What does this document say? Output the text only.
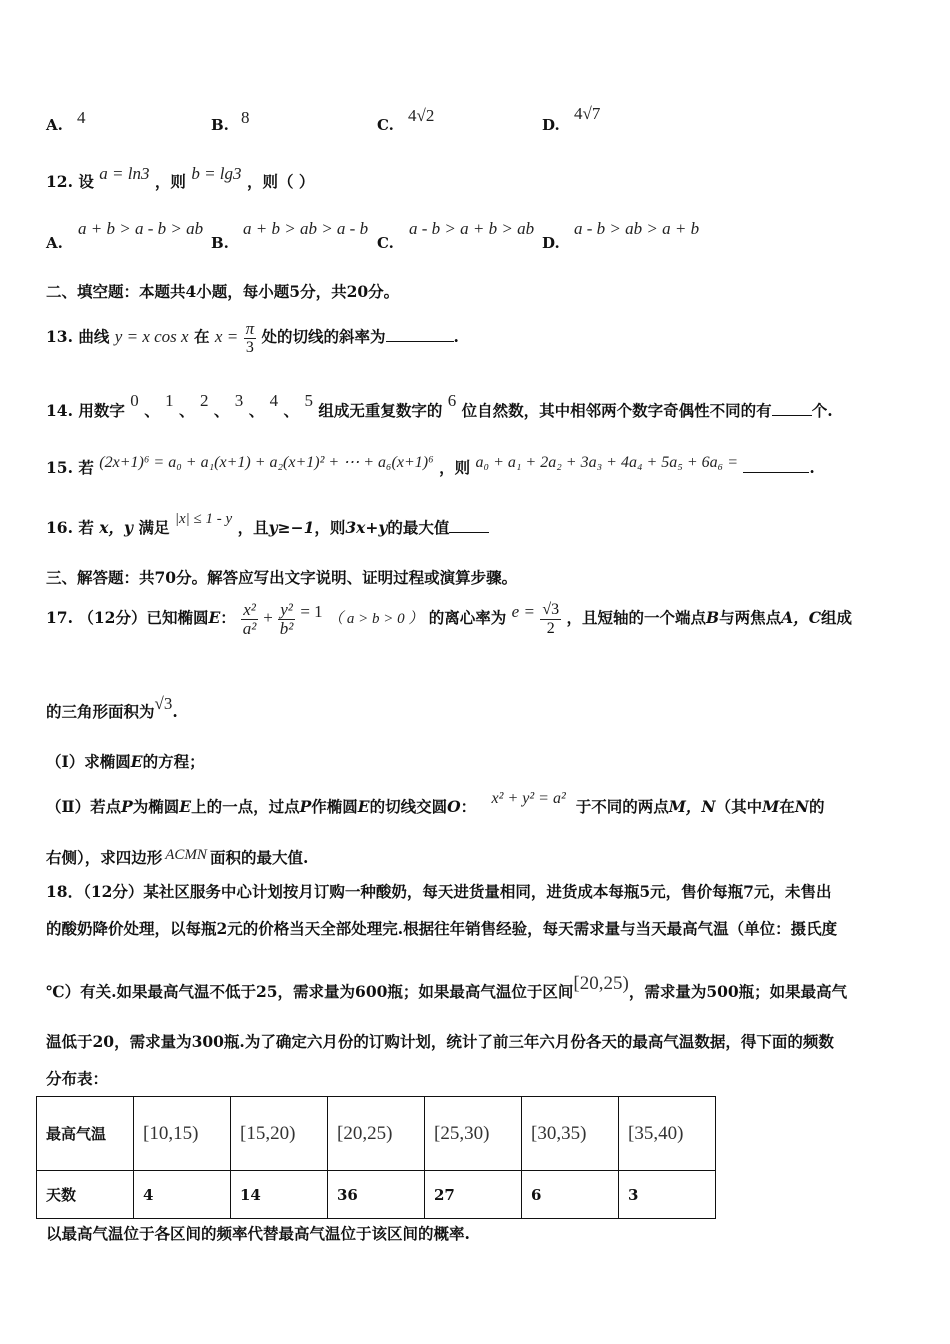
A. 4	B. 8	C. 4√2	D.
4√7
12. 设 a = ln3 ，则 b = lg3 ，则（ ）
A.
a + b > a - b > ab
B.
a + b > ab > a - b
C.
a - b > a + b > ab
D.
a - b > ab > a + b
二、填空题：本题共4小题，每小题5分，共20分。
13. 曲线 y = x cos x 在 $x = \frac{\pi}{3}$ 处的切线的斜率为	.
14. 用数字 0 、 1 、 2 、 3 、 4 、 5 组成无重复数字的 6 位自然数，其中相邻两个数字奇偶性不同的有	个.
15. 若 (2x+1)⁶ = a₀ + a₁(x+1) + a₂(x+1)² + ⋯ + a₆(x+1)⁶ ，则 a₀ + a₁ + 2a₂ + 3a₃ + 4a₄ + 5a₅ + 6a₆ =	.
16. 若 x，y 满足 |x| ≤ 1 - y ，且y≥−1，则3x+y的最大值
三、解答题：共70分。解答应写出文字说明、证明过程或演算步骤。
17. （12分）已知椭圆E： $\frac{\text{x²}}{\text{a²}} + \frac{\text{y²}}{\text{b²}} = 1$ （ a > b > 0 ） 的离心率为 $e = \frac{√3}{2}$ ，且短轴的一个端点B与两焦点A，C组成
的三角形面积为√3.
（Ⅰ）求椭圆E的方程；
（Ⅱ）若点P为椭圆E上的一点，过点P作椭圆E的切线交圆O： x² + y² = a² 于不同的两点M，N（其中M在N的
右侧），求四边形 ACMN 面积的最大值.
18．（12分）某社区服务中心计划按月订购一种酸奶，每天进货量相同，进货成本每瓶5元，售价每瓶7元，未售出
的酸奶降价处理，以每瓶2元的价格当天全部处理完.根据往年销售经验，每天需求量与当天最高气温（单位：摄氏度
℃）有关.如果最高气温不低于25，需求量为600瓶；如果最高气温位于区间[20,25)，需求量为500瓶；如果最高气
温低于20，需求量为300瓶.为了确定六月份的订购计划，统计了前三年六月份各天的最高气温数据，得下面的频数
分布表：
最高气温	[10,15)	[15,20)	[20,25)	[25,30)	[30,35)	[35,40)
天数	4	14	36	27	6	3
以最高气温位于各区间的频率代替最高气温位于该区间的概率.
